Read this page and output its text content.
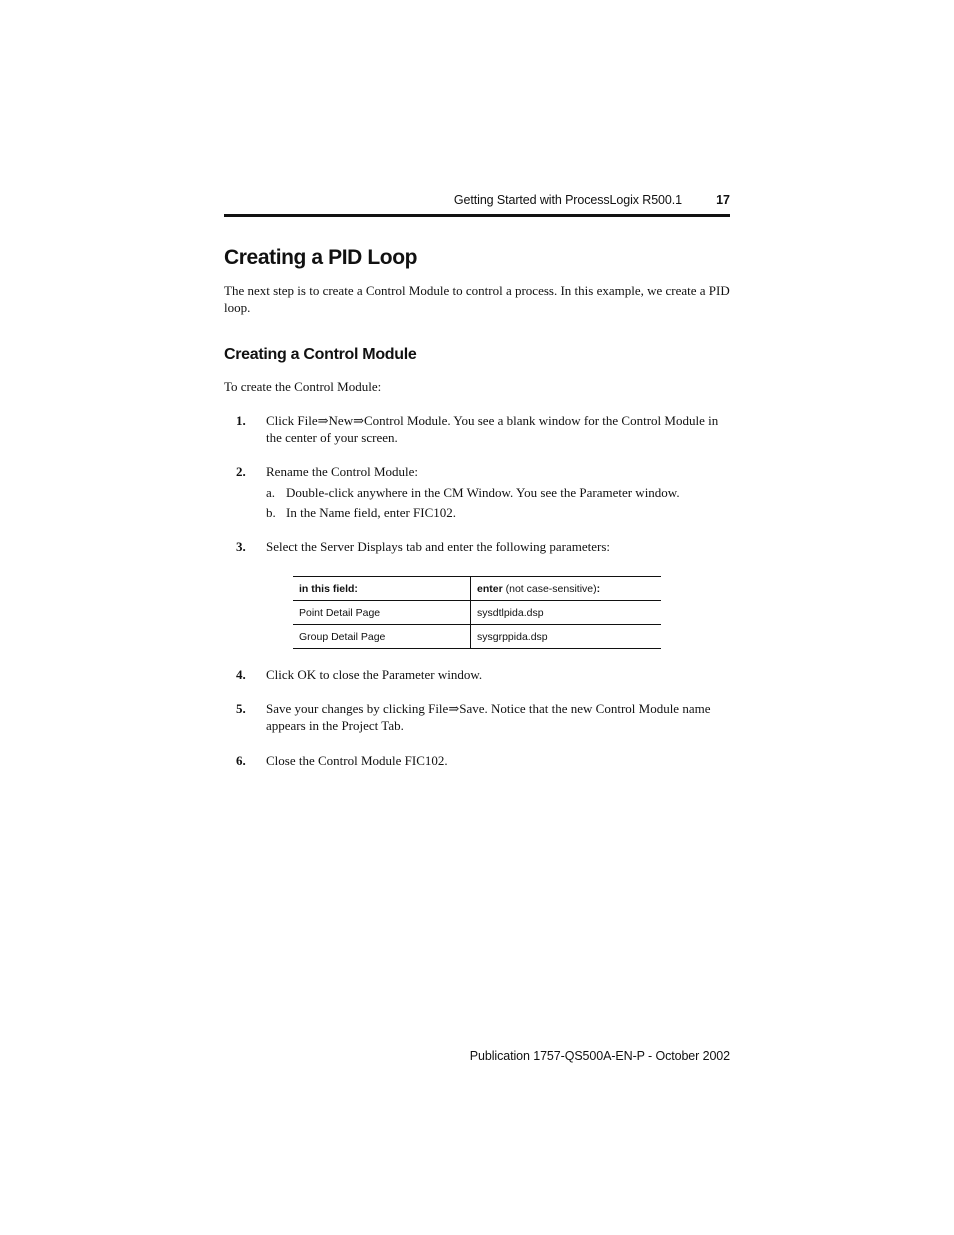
Getting Started with ProcessLogix R500.1	17
Creating a PID Loop

The next step is to create a Control Module to control a process. In this example, we create a PID loop.

Creating a Control Module

To create the Control Module:

1.	Click File⇒New⇒Control Module. You see a blank window for the Control Module in the center of your screen.
2.	Rename the Control Module:
a. Double-click anywhere in the CM Window. You see the Parameter window.
b. In the Name field, enter FIC102.
3.	Select the Server Displays tab and enter the following parameters:
in this field:	enter (not case-sensitive):
Point Detail Page	sysdtlpida.dsp
Group Detail Page	sysgrppida.dsp
4.	Click OK to close the Parameter window.
5.	Save your changes by clicking File⇒Save. Notice that the new Control Module name appears in the Project Tab.
6.	Close the Control Module FIC102.
Publication 1757-QS500A-EN-P - October 2002
